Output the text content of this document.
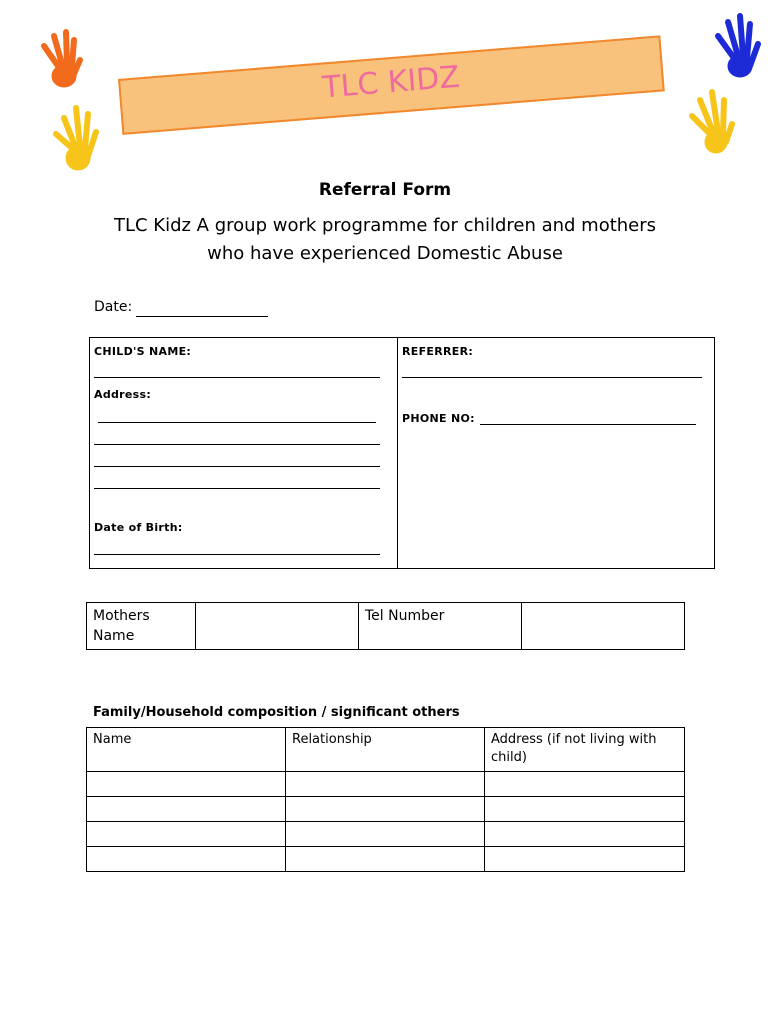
TLC KIDZ
Referral Form
TLC Kidz A group work programme for children and mothers
who have experienced Domestic Abuse
Date:
CHILD'S NAME:
Address:
Date of Birth:
REFERRER:
PHONE NO:
Mothers
Name
		Tel Number	
Family/Household composition / significant others
Name	Relationship	Address (if not living with child)
